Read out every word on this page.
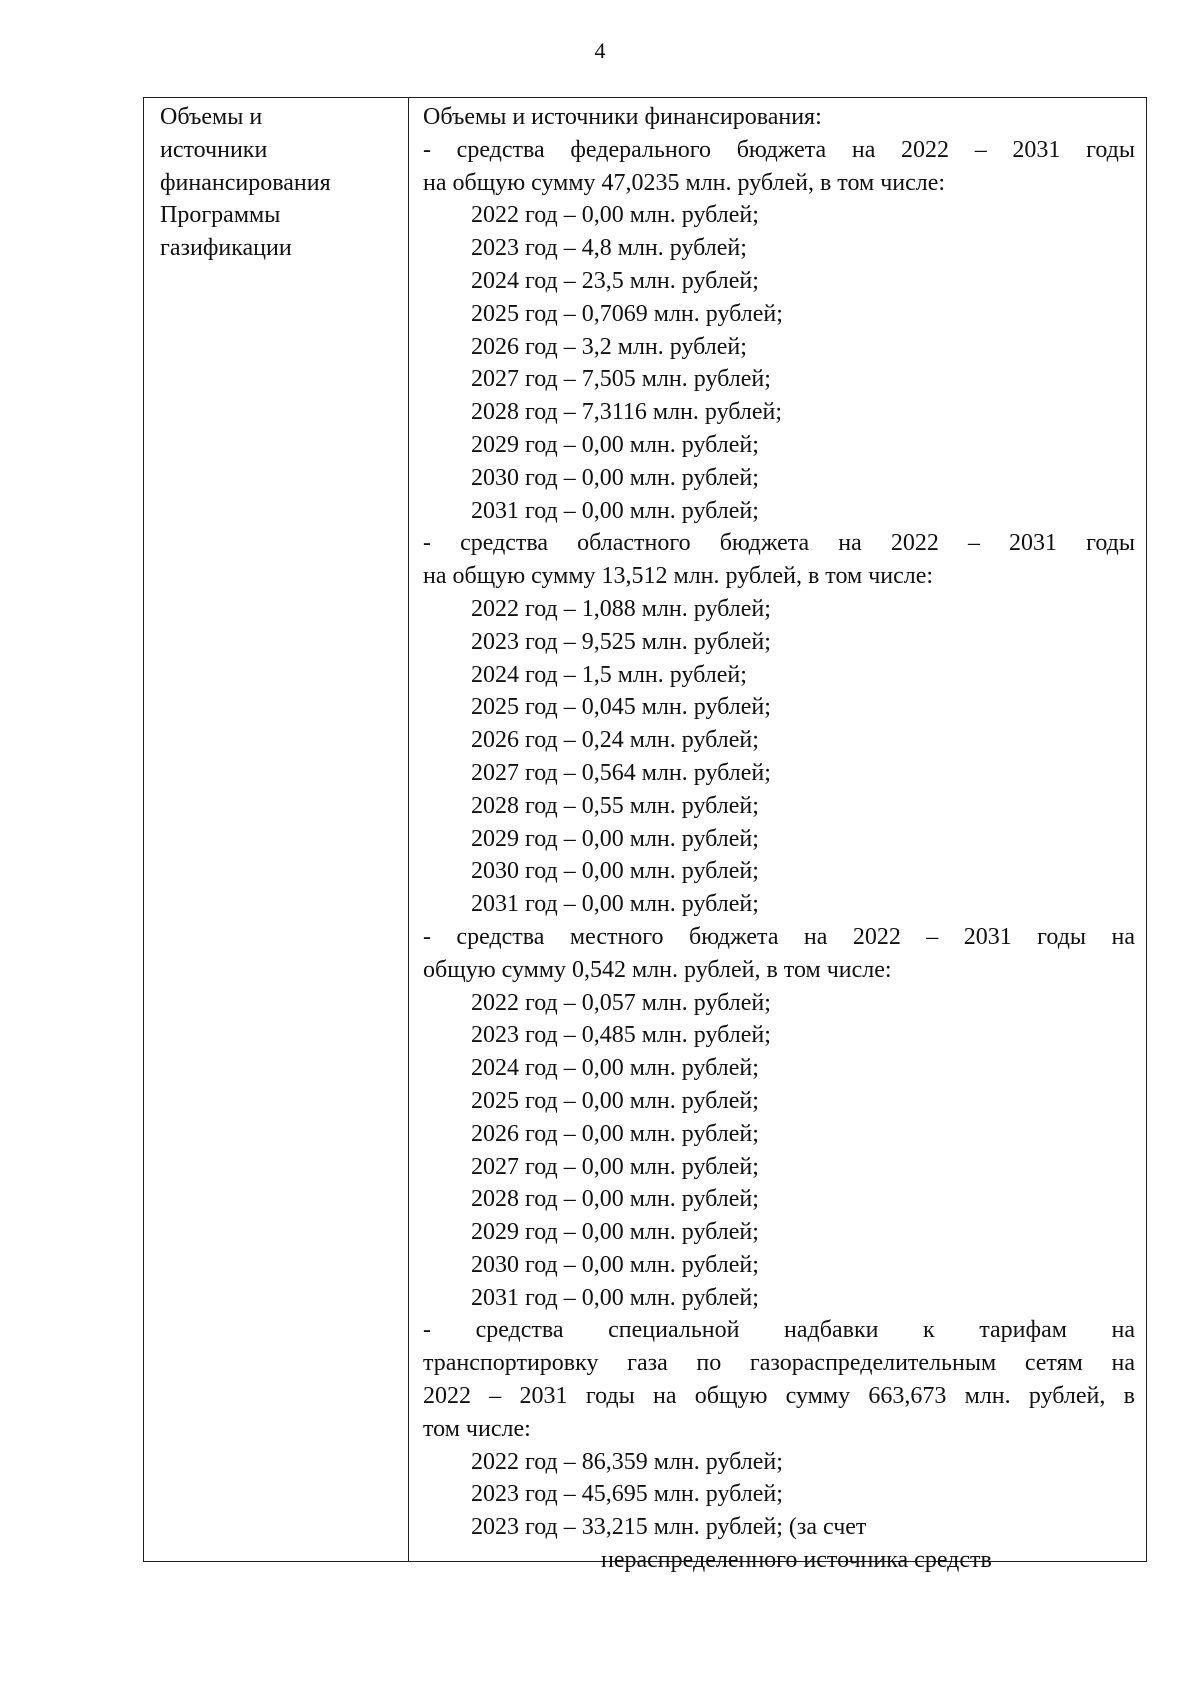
4
Объемы и
источники
финансирования
Программы
газификации
Объемы и источники финансирования:
- средства федерального бюджета на 2022 – 2031 годы
на общую сумму 47,0235 млн. рублей, в том числе:
2022 год – 0,00 млн. рублей;
2023 год – 4,8 млн. рублей;
2024 год – 23,5 млн. рублей;
2025 год – 0,7069 млн. рублей;
2026 год – 3,2 млн. рублей;
2027 год – 7,505 млн. рублей;
2028 год – 7,3116 млн. рублей;
2029 год – 0,00 млн. рублей;
2030 год – 0,00 млн. рублей;
2031 год – 0,00 млн. рублей;
- средства областного бюджета на 2022 – 2031 годы
на общую сумму 13,512 млн. рублей, в том числе:
2022 год – 1,088 млн. рублей;
2023 год – 9,525 млн. рублей;
2024 год – 1,5 млн. рублей;
2025 год – 0,045 млн. рублей;
2026 год – 0,24 млн. рублей;
2027 год – 0,564 млн. рублей;
2028 год – 0,55 млн. рублей;
2029 год – 0,00 млн. рублей;
2030 год – 0,00 млн. рублей;
2031 год – 0,00 млн. рублей;
- средства местного бюджета на 2022 – 2031 годы на
общую сумму 0,542 млн. рублей, в том числе:
2022 год – 0,057 млн. рублей;
2023 год – 0,485 млн. рублей;
2024 год – 0,00 млн. рублей;
2025 год – 0,00 млн. рублей;
2026 год – 0,00 млн. рублей;
2027 год – 0,00 млн. рублей;
2028 год – 0,00 млн. рублей;
2029 год – 0,00 млн. рублей;
2030 год – 0,00 млн. рублей;
2031 год – 0,00 млн. рублей;
- средства специальной надбавки к тарифам на
транспортировку газа по газораспределительным сетям на
2022 – 2031 годы на общую сумму 663,673 млн. рублей, в
том числе:
2022 год – 86,359 млн. рублей;
2023 год – 45,695 млн. рублей;
2023 год – 33,215 млн. рублей; (за счет
нераспределенного источника средств
